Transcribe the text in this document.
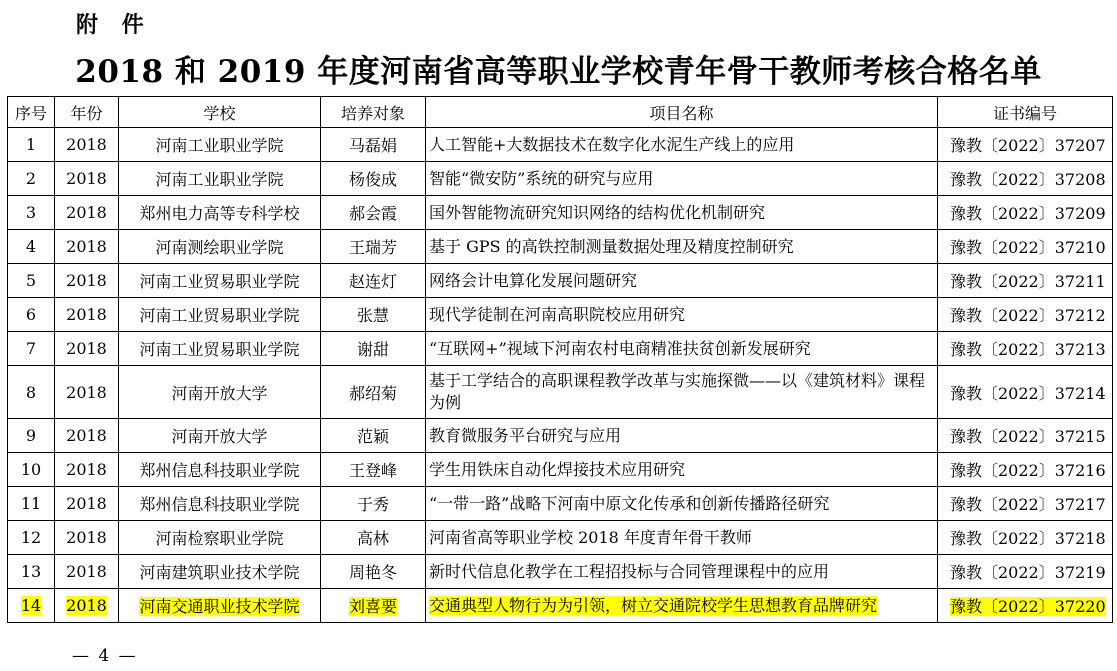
附 件
2018 和 2019 年度河南省高等职业学校青年骨干教师考核合格名单
序号	年份	学校	培养对象	项目名称	证书编号
1	2018	河南工业职业学院	马磊娟	人工智能+大数据技术在数字化水泥生产线上的应用	豫教〔2022〕37207
2	2018	河南工业职业学院	杨俊成	智能“微安防”系统的研究与应用	豫教〔2022〕37208
3	2018	郑州电力高等专科学校	郝会霞	国外智能物流研究知识网络的结构优化机制研究	豫教〔2022〕37209
4	2018	河南测绘职业学院	王瑞芳	基于 GPS 的高铁控制测量数据处理及精度控制研究	豫教〔2022〕37210
5	2018	河南工业贸易职业学院	赵连灯	网络会计电算化发展问题研究	豫教〔2022〕37211
6	2018	河南工业贸易职业学院	张慧	现代学徒制在河南高职院校应用研究	豫教〔2022〕37212
7	2018	河南工业贸易职业学院	谢甜	“互联网+”视域下河南农村电商精准扶贫创新发展研究	豫教〔2022〕37213
8	2018	河南开放大学	郝绍菊	基于工学结合的高职课程教学改革与实施探微——以《建筑材料》课程为例	豫教〔2022〕37214
9	2018	河南开放大学	范颖	教育微服务平台研究与应用	豫教〔2022〕37215
10	2018	郑州信息科技职业学院	王登峰	学生用铁床自动化焊接技术应用研究	豫教〔2022〕37216
11	2018	郑州信息科技职业学院	于秀	“一带一路”战略下河南中原文化传承和创新传播路径研究	豫教〔2022〕37217
12	2018	河南检察职业学院	高林	河南省高等职业学校 2018 年度青年骨干教师	豫教〔2022〕37218
13	2018	河南建筑职业技术学院	周艳冬	新时代信息化教学在工程招投标与合同管理课程中的应用	豫教〔2022〕37219
14	2018	河南交通职业技术学院	刘喜要	交通典型人物行为为引领，树立交通院校学生思想教育品牌研究	豫教〔2022〕37220
— 4 —
